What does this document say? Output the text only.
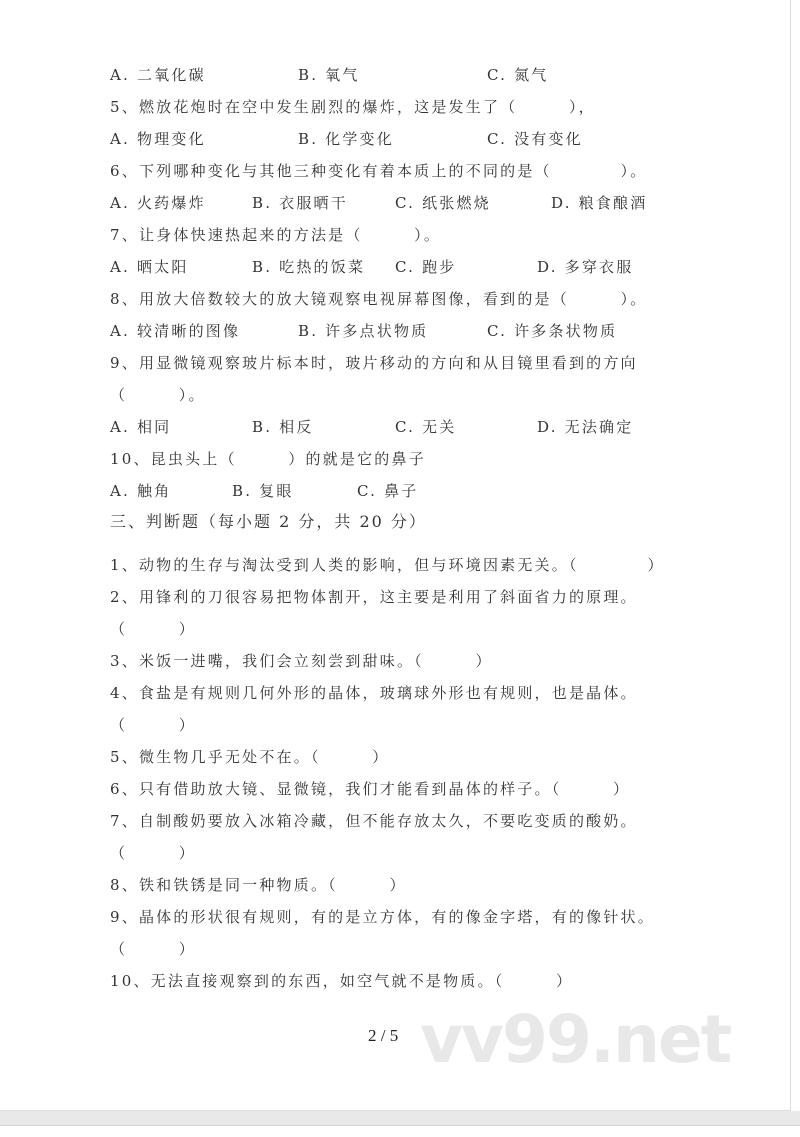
A. 二氧化碳	B. 氧气	C. 氮气
5、燃放花炮时在空中发生剧烈的爆炸，这是发生了（　　　），
A. 物理变化	B. 化学变化	C. 没有变化
6、下列哪种变化与其他三种变化有着本质上的不同的是（　　　　）。
A. 火药爆炸	B. 衣服晒干	C. 纸张燃烧	D. 粮食酿酒
7、让身体快速热起来的方法是（　　　）。
A. 晒太阳	B. 吃热的饭菜 C. 跑步	D. 多穿衣服
8、用放大倍数较大的放大镜观察电视屏幕图像，看到的是（　　　）。
A. 较清晰的图像	B. 许多点状物质	C. 许多条状物质
9、用显微镜观察玻片标本时，玻片移动的方向和从目镜里看到的方向
（　　　）。
A. 相同	B. 相反	C. 无关	D. 无法确定
10、昆虫头上（　　　）的就是它的鼻子
A. 触角	B. 复眼	C. 鼻子
三、判断题（每小题 2 分，共 20 分）
1、动物的生存与淘汰受到人类的影响，但与环境因素无关。（　　　　）
2、用锋利的刀很容易把物体割开，这主要是利用了斜面省力的原理。
（　　　）
3、米饭一进嘴，我们会立刻尝到甜味。（　　　）
4、食盐是有规则几何外形的晶体，玻璃球外形也有规则，也是晶体。
（　　　）
5、微生物几乎无处不在。（　　　）
6、只有借助放大镜、显微镜，我们才能看到晶体的样子。（　　　）
7、自制酸奶要放入冰箱冷藏，但不能存放太久，不要吃变质的酸奶。
（　　　）
8、铁和铁锈是同一种物质。（　　　）
9、晶体的形状很有规则，有的是立方体，有的像金字塔，有的像针状。
（　　　）
10、无法直接观察到的东西，如空气就不是物质。（　　　）
vv99.net
2 / 5
